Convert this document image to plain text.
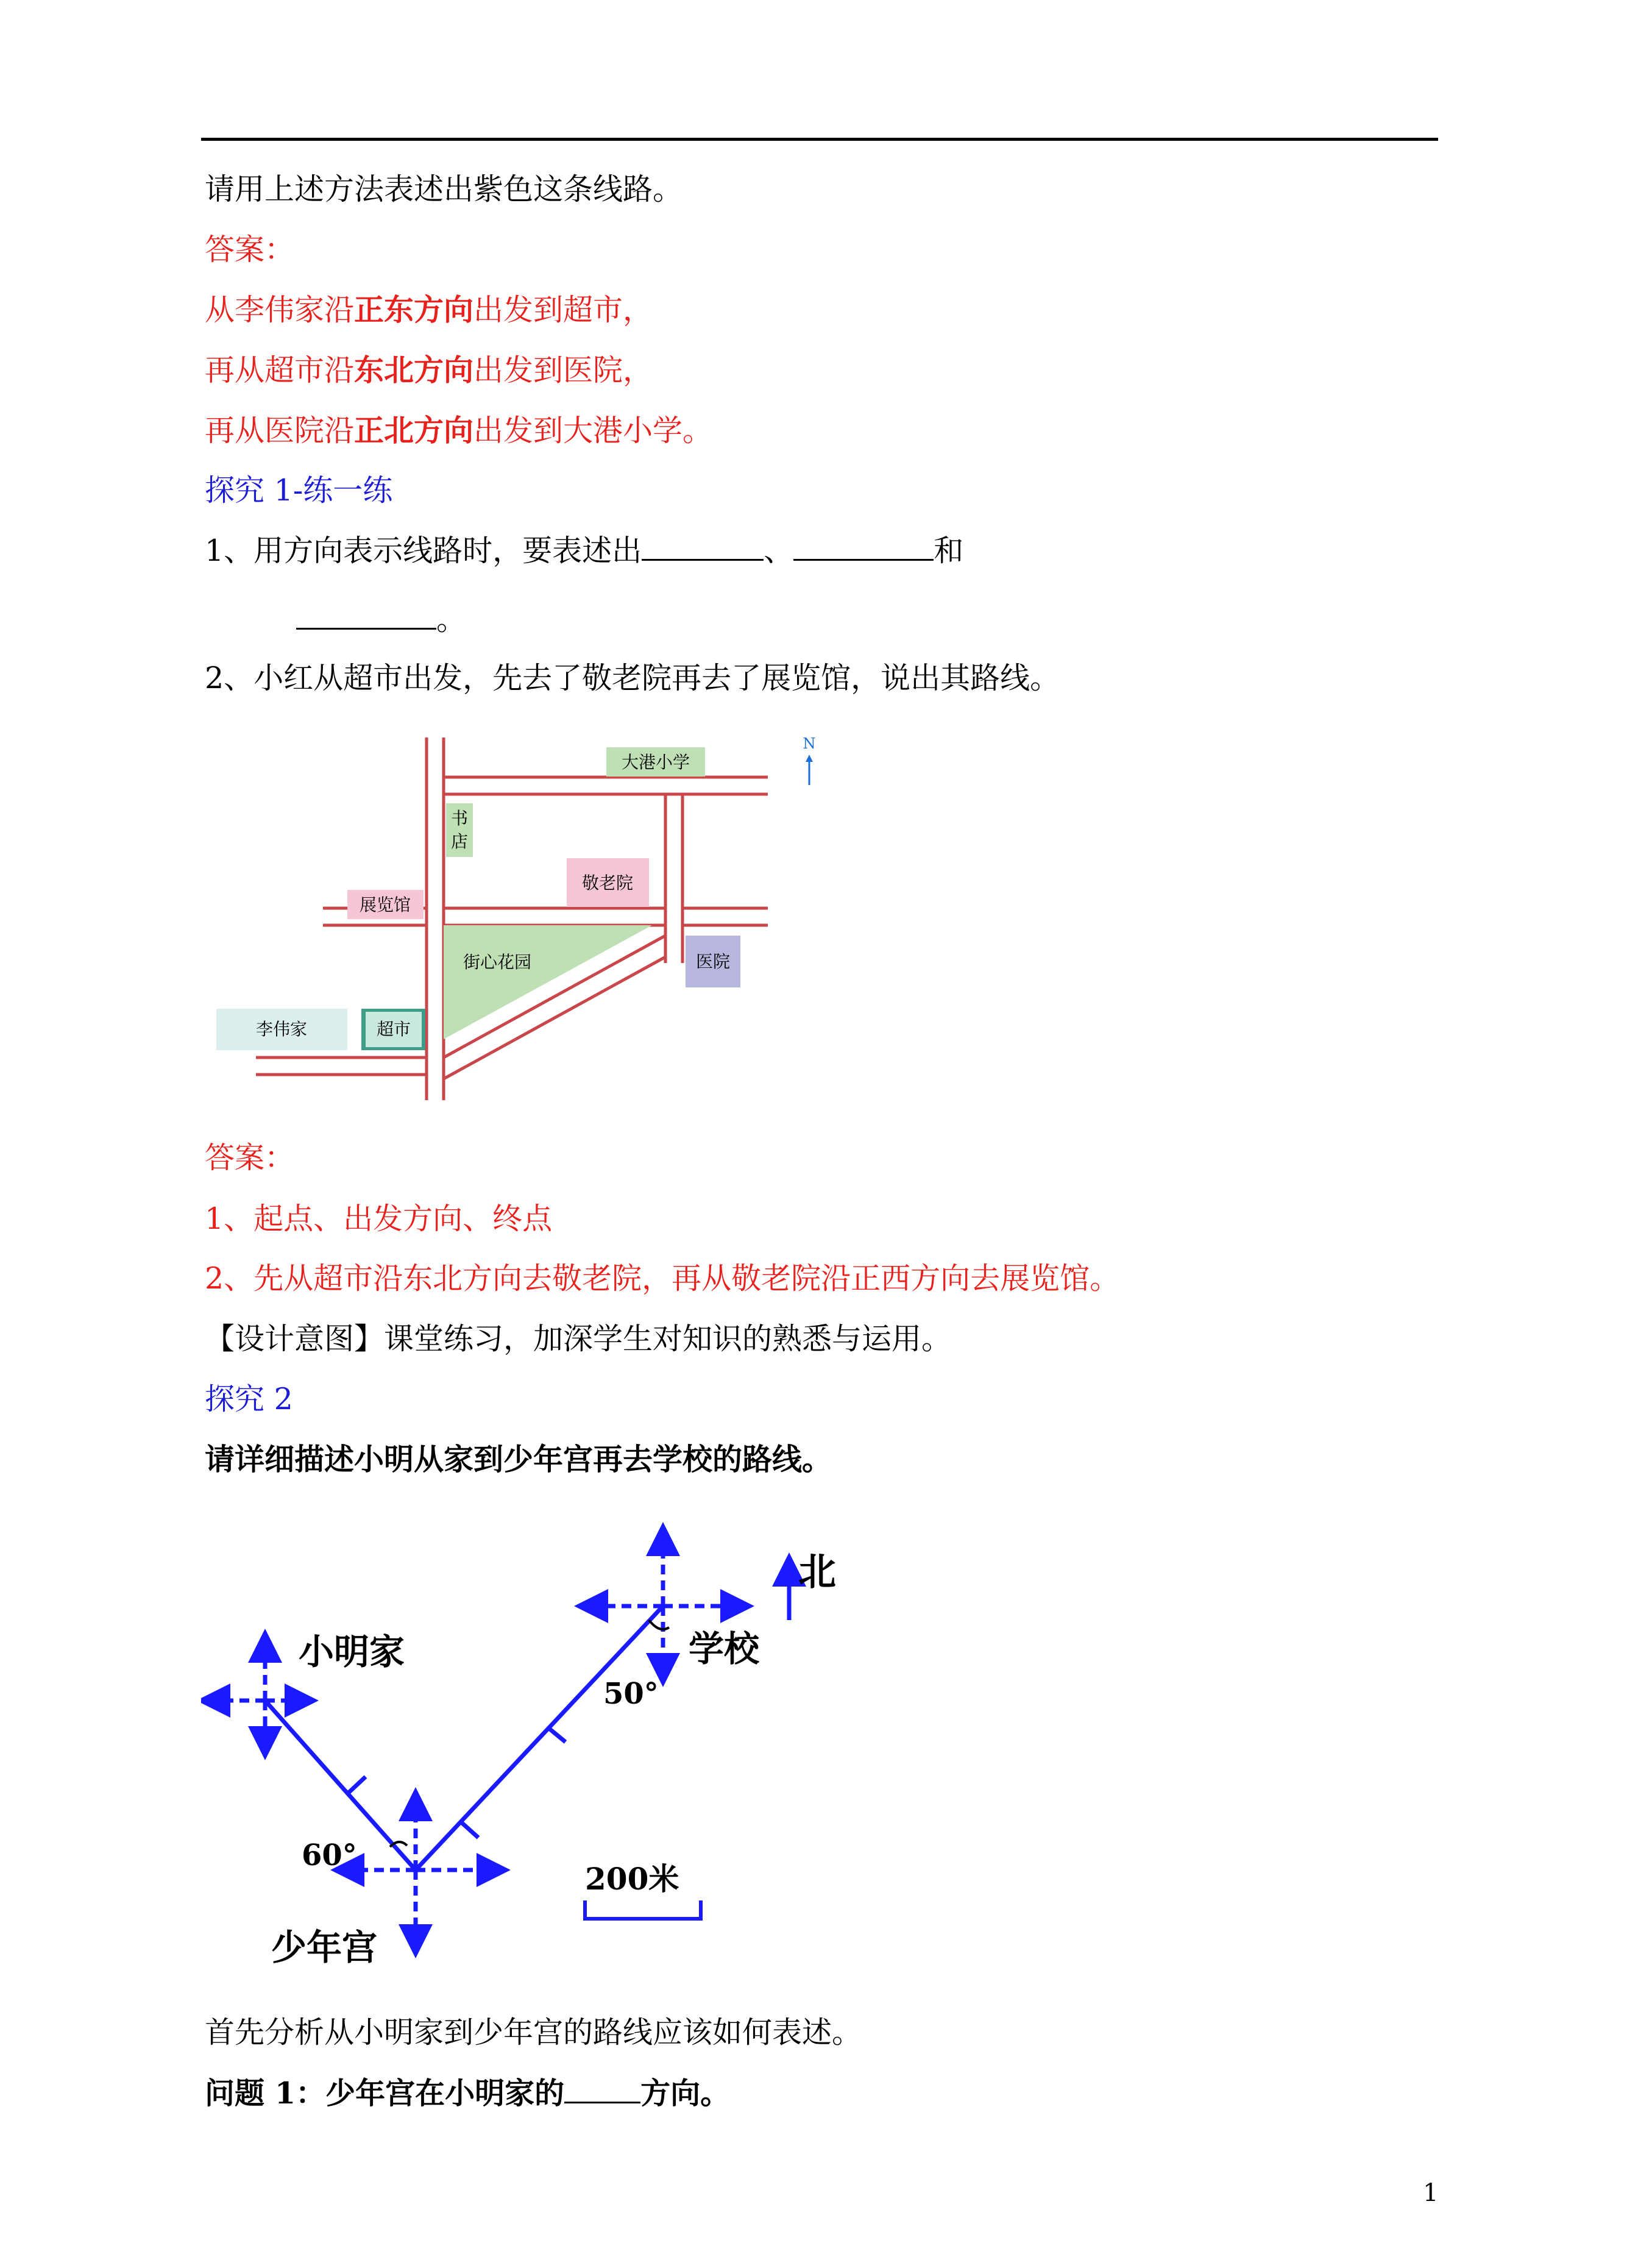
请用上述方法表述出紫色这条线路。
答案：
从李伟家沿正东方向出发到超市，
再从超市沿东北方向出发到医院，
再从医院沿正北方向出发到大港小学。
探究 1-练一练
1、用方向表示线路时，要表述出	、	和
。
2、小红从超市出发，先去了敬老院再去了展览馆，说出其路线。
大港小学
书
店
敬老院
展览馆
街心花园	医院
李伟家	超市
N
答案：
1、起点、出发方向、终点
2、先从超市沿东北方向去敬老院，再从敬老院沿正西方向去展览馆。
【设计意图】课堂练习，加深学生对知识的熟悉与运用。
探究 2
请详细描述小明从家到少年宫再去学校的路线。
北
小明家	学校
50°
60°
少年宫
200米
首先分析从小明家到少年宫的路线应该如何表述。
问题 1：少年宫在小明家的	方向。
1
